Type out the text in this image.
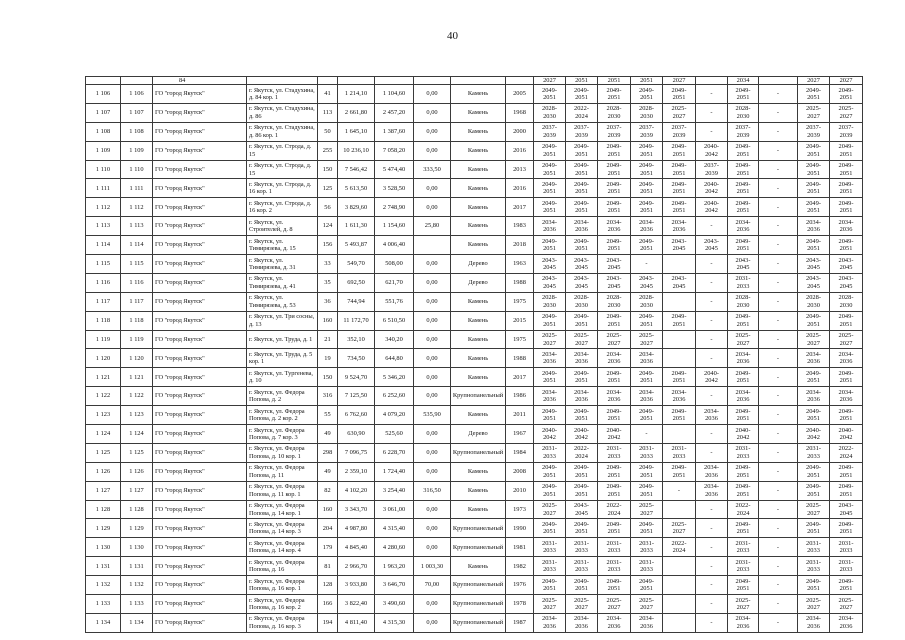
40

		84								2027	2051	2051	2051	2027		2034		2027	2027

1 106	1 106	ГО "город Якутск"	г. Якутск, ул. Стадухина, д. 84 кор. 1	41	1 214,10	1 104,60	0,00	Камень	2005	2049-2051	2049-2051	2049-2051	2049-2051	2049-2051	-	2049-2051	-	2049-2051	2049-2051

1 107	1 107	ГО "город Якутск"	г. Якутск, ул. Стадухина, д. 86	113	2 661,80	2 457,20	0,00	Камень	1968	2028-2030	2022-2024	2028-2030	2028-2030	2025-2027	-	2028-2030	-	2025-2027	2025-2027

1 108	1 108	ГО "город Якутск"	г. Якутск, ул. Стадухина, д. 86 кор. 1	50	1 645,10	1 387,60	0,00	Камень	2000	2037-2039	2037-2039	2037-2039	2037-2039	2037-2039	-	2037-2039	-	2037-2039	2037-2039

1 109	1 109	ГО "город Якутск"	г. Якутск, ул. Строда, д. 15	255	10 236,10	7 058,20	0,00	Камень	2016	2049-2051	2049-2051	2049-2051	2049-2051	2049-2051	2040-2042	2049-2051	-	2049-2051	2049-2051

1 110	1 110	ГО "город Якутск"	г. Якутск, ул. Строда, д. 15	150	7 546,42	5 474,40	333,50	Камень	2013	2049-2051	2049-2051	2049-2051	2049-2051	2049-2051	2037-2039	2049-2051	-	2049-2051	2049-2051

1 111	1 111	ГО "город Якутск"	г. Якутск, ул. Строда, д. 16 кор. 1	125	5 613,50	3 528,50	0,00	Камень	2016	2049-2051	2049-2051	2049-2051	2049-2051	2049-2051	2040-2042	2049-2051	-	2049-2051	2049-2051

1 112	1 112	ГО "город Якутск"	г. Якутск, ул. Строда, д. 16 кор. 2	56	3 829,60	2 748,90	0,00	Камень	2017	2049-2051	2049-2051	2049-2051	2049-2051	2049-2051	2040-2042	2049-2051	-	2049-2051	2049-2051

1 113	1 113	ГО "город Якутск"	г. Якутск, ул. Строителей, д. 8	124	1 611,30	1 154,60	25,80	Камень	1983	2034-2036	2034-2036	2034-2036	2034-2036	2034-2036	-	2034-2036	-	2034-2036	2034-2036

1 114	1 114	ГО "город Якутск"	г. Якутск, ул. Тимирязева, д. 15	156	5 493,87	4 006,40		Камень	2018	2049-2051	2049-2051	2049-2051	2049-2051	2043-2045	2043-2045	2049-2051	-	2049-2051	2049-2051

1 115	1 115	ГО "город Якутск"	г. Якутск, ул. Тимирязева, д. 31	33	549,70	508,00	0,00	Дерево	1963	2043-2045	2043-2045	2043-2045	-		-	2043-2045	-	2043-2045	2043-2045

1 116	1 116	ГО "город Якутск"	г. Якутск, ул. Тимирязева, д. 41	35	692,50	621,70	0,00	Дерево	1988	2043-2045	2043-2045	2043-2045	2043-2045	2043-2045	-	2031-2033	-	2043-2045	2043-2045

1 117	1 117	ГО "город Якутск"	г. Якутск, ул. Тимирязева, д. 53	36	744,94	551,76	0,00	Камень	1975	2028-2030	2028-2030	2028-2030	2028-2030		-	2028-2030	-	2028-2030	2028-2030

1 118	1 118	ГО "город Якутск"	г. Якутск, ул. Три сосны, д. 13	160	11 172,70	6 510,50	0,00	Камень	2015	2049-2051	2049-2051	2049-2051	2049-2051	2049-2051	-	2049-2051	-	2049-2051	2049-2051

1 119	1 119	ГО "город Якутск"	г. Якутск, ул. Труда, д. 1	21	352,10	340,20	0,00	Камень	1975	2025-2027	2025-2027	2025-2027	2025-2027		-	2025-2027	-	2025-2027	2025-2027

1 120	1 120	ГО "город Якутск"	г. Якутск, ул. Труда, д. 5 кор. 1	19	734,50	644,80	0,00	Камень	1988	2034-2036	2034-2036	2034-2036	2034-2036		-	2034-2036	-	2034-2036	2034-2036

1 121	1 121	ГО "город Якутск"	г. Якутск, ул. Тургенева, д. 10	150	9 524,70	5 346,20	0,00	Камень	2017	2049-2051	2049-2051	2049-2051	2049-2051	2049-2051	2040-2042	2049-2051	-	2049-2051	2049-2051

1 122	1 122	ГО "город Якутск"	г. Якутск, ул. Федора Попова, д. 2	316	7 125,50	6 252,60	0,00	Крупнопанельный	1986	2034-2036	2034-2036	2034-2036	2034-2036	2034-2036	-	2034-2036	-	2034-2036	2034-2036

1 123	1 123	ГО "город Якутск"	г. Якутск, ул. Федора Попова, д. 2 кор. 2	55	6 762,60	4 079,20	535,90	Камень	2011	2049-2051	2049-2051	2049-2051	2049-2051	2049-2051	2034-2036	2049-2051	-	2049-2051	2049-2051

1 124	1 124	ГО "город Якутск"	г. Якутск, ул. Федора Попова, д. 7 кор. 3	49	630,90	525,60	0,00	Дерево	1967	2040-2042	2040-2042	2040-2042	-		-	2040-2042	-	2040-2042	2040-2042

1 125	1 125	ГО "город Якутск"	г. Якутск, ул. Федора Попова, д. 10 кор. 1	298	7 096,75	6 228,70	0,00	Крупнопанельный	1984	2031-2033	2022-2024	2031-2033	2031-2033	2031-2033	-	2031-2033	-	2031-2033	2022-2024

1 126	1 126	ГО "город Якутск"	г. Якутск, ул. Федора Попова, д. 11	49	2 359,10	1 724,40	0,00	Камень	2008	2049-2051	2049-2051	2049-2051	2049-2051	2049-2051	2034-2036	2049-2051	-	2049-2051	2049-2051

1 127	1 127	ГО "город Якутск"	г. Якутск, ул. Федора Попова, д. 11 кор. 1	82	4 102,20	3 254,40	316,50	Камень	2010	2049-2051	2049-2051	2049-2051	2049-2051	-	2034-2036	2049-2051	-	2049-2051	2049-2051

1 128	1 128	ГО "город Якутск"	г. Якутск, ул. Федора Попова, д. 14 кор. 1	160	3 343,70	3 061,00	0,00	Камень	1973	2025-2027	2043-2045	2022-2024	2025-2027		-	2022-2024	-	2025-2027	2043-2045

1 129	1 129	ГО "город Якутск"	г. Якутск, ул. Федора Попова, д. 14 кор. 3	204	4 987,80	4 315,40	0,00	Крупнопанельный	1990	2049-2051	2049-2051	2049-2051	2049-2051	2025-2027	-	2049-2051	-	2049-2051	2049-2051

1 130	1 130	ГО "город Якутск"	г. Якутск, ул. Федора Попова, д. 14 кор. 4	179	4 845,40	4 280,60	0,00	Крупнопанельный	1981	2031-2033	2031-2033	2031-2033	2031-2033	2022-2024	-	2031-2033	-	2031-2033	2031-2033

1 131	1 131	ГО "город Якутск"	г. Якутск, ул. Федора Попова, д. 16	81	2 966,70	1 963,20	1 003,30	Камень	1982	2031-2033	2031-2033	2031-2033	2031-2033		-	2031-2033	-	2031-2033	2031-2033

1 132	1 132	ГО "город Якутск"	г. Якутск, ул. Федора Попова, д. 16 кор. 1	128	3 933,80	3 646,70	70,00	Крупнопанельный	1976	2049-2051	2049-2051	2049-2051	2049-2051		-	2049-2051	-	2049-2051	2049-2051

1 133	1 133	ГО "город Якутск"	г. Якутск, ул. Федора Попова, д. 16 кор. 2	166	3 822,40	3 490,60	0,00	Крупнопанельный	1978	2025-2027	2025-2027	2025-2027	2025-2027		-	2025-2027	-	2025-2027	2025-2027

1 134	1 134	ГО "город Якутск"	г. Якутск, ул. Федора Попова, д. 16 кор. 3	194	4 811,40	4 315,30	0,00	Крупнопанельный	1987	2034-2036	2034-2036	2034-2036	2034-2036		-	2034-2036	-	2034-2036	2034-2036
